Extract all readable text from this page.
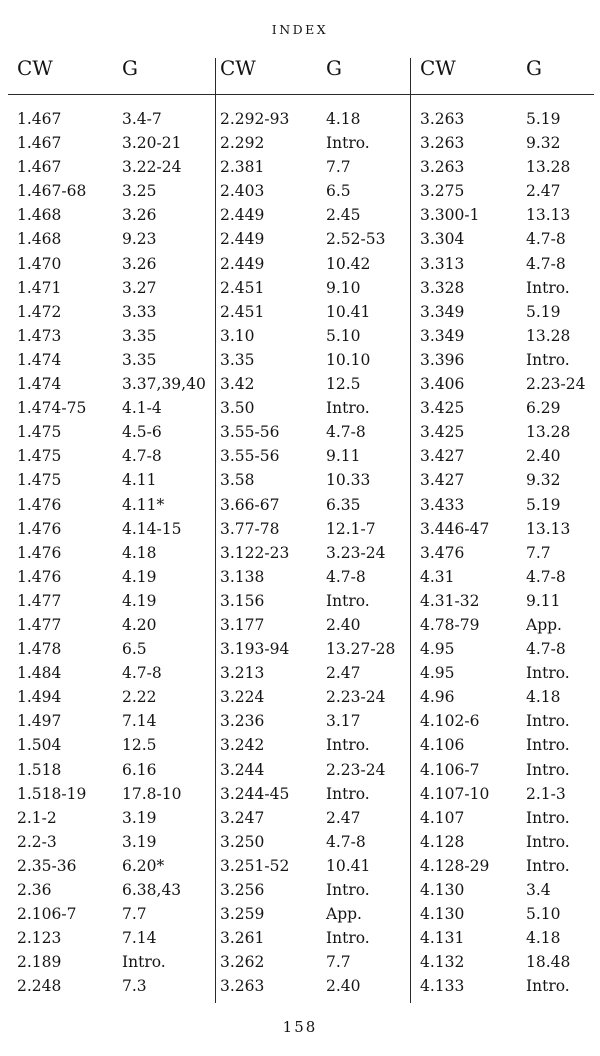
INDEX
CW	G
1.467	3.4-7
1.467	3.20-21
1.467	3.22-24
1.467-68 3.25
1.468	3.26
1.468	9.23
1.470	3.26
1.471	3.27
1.472	3.33
1.473	3.35
1.474	3.35
1.474	3.37,39,40
1.474-75 4.1-4
1.475	4.5-6
1.475	4.7-8
1.475	4.11
1.476	4.11*
1.476	4.14-15
1.476	4.18
1.476	4.19
1.477	4.19
1.477	4.20
1.478	6.5
1.484	4.7-8
1.494	2.22
1.497	7.14
1.504	12.5
1.518	6.16
1.518-19 17.8-10
2.1-2	3.19
2.2-3	3.19
2.35-36	6.20*
2.36	6.38,43
2.106-7	7.7
2.123	7.14
2.189	Intro.
2.248	7.3
CW	G
2.292-93 4.18
2.292	Intro.
2.381	7.7
2.403	6.5
2.449	2.45
2.449	2.52-53
2.449	10.42
2.451	9.10
2.451	10.41
3.10	5.10
3.35	10.10
3.42	12.5
3.50	Intro.
3.55-56	4.7-8
3.55-56	9.11
3.58	10.33
3.66-67	6.35
3.77-78	12.1-7
3.122-23 3.23-24
3.138	4.7-8
3.156	Intro.
3.177	2.40
3.193-94 13.27-28
3.213	2.47
3.224	2.23-24
3.236	3.17
3.242	Intro.
3.244	2.23-24
3.244-45 Intro.
3.247	2.47
3.250	4.7-8
3.251-52 10.41
3.256	Intro.
3.259	App.
3.261	Intro.
3.262	7.7
3.263	2.40
CW	G
3.263	5.19
3.263	9.32
3.263	13.28
3.275	2.47
3.300-1	13.13
3.304	4.7-8
3.313	4.7-8
3.328	Intro.
3.349	5.19
3.349	13.28
3.396	Intro.
3.406	2.23-24
3.425	6.29
3.425	13.28
3.427	2.40
3.427	9.32
3.433	5.19
3.446-47 13.13
3.476	7.7
4.31	4.7-8
4.31-32	9.11
4.78-79	App.
4.95	4.7-8
4.95	Intro.
4.96	4.18
4.102-6	Intro.
4.106	Intro.
4.106-7	Intro.
4.107-10 2.1-3
4.107	Intro.
4.128	Intro.
4.128-29 Intro.
4.130	3.4
4.130	5.10
4.131	4.18
4.132	18.48
4.133	Intro.
158
